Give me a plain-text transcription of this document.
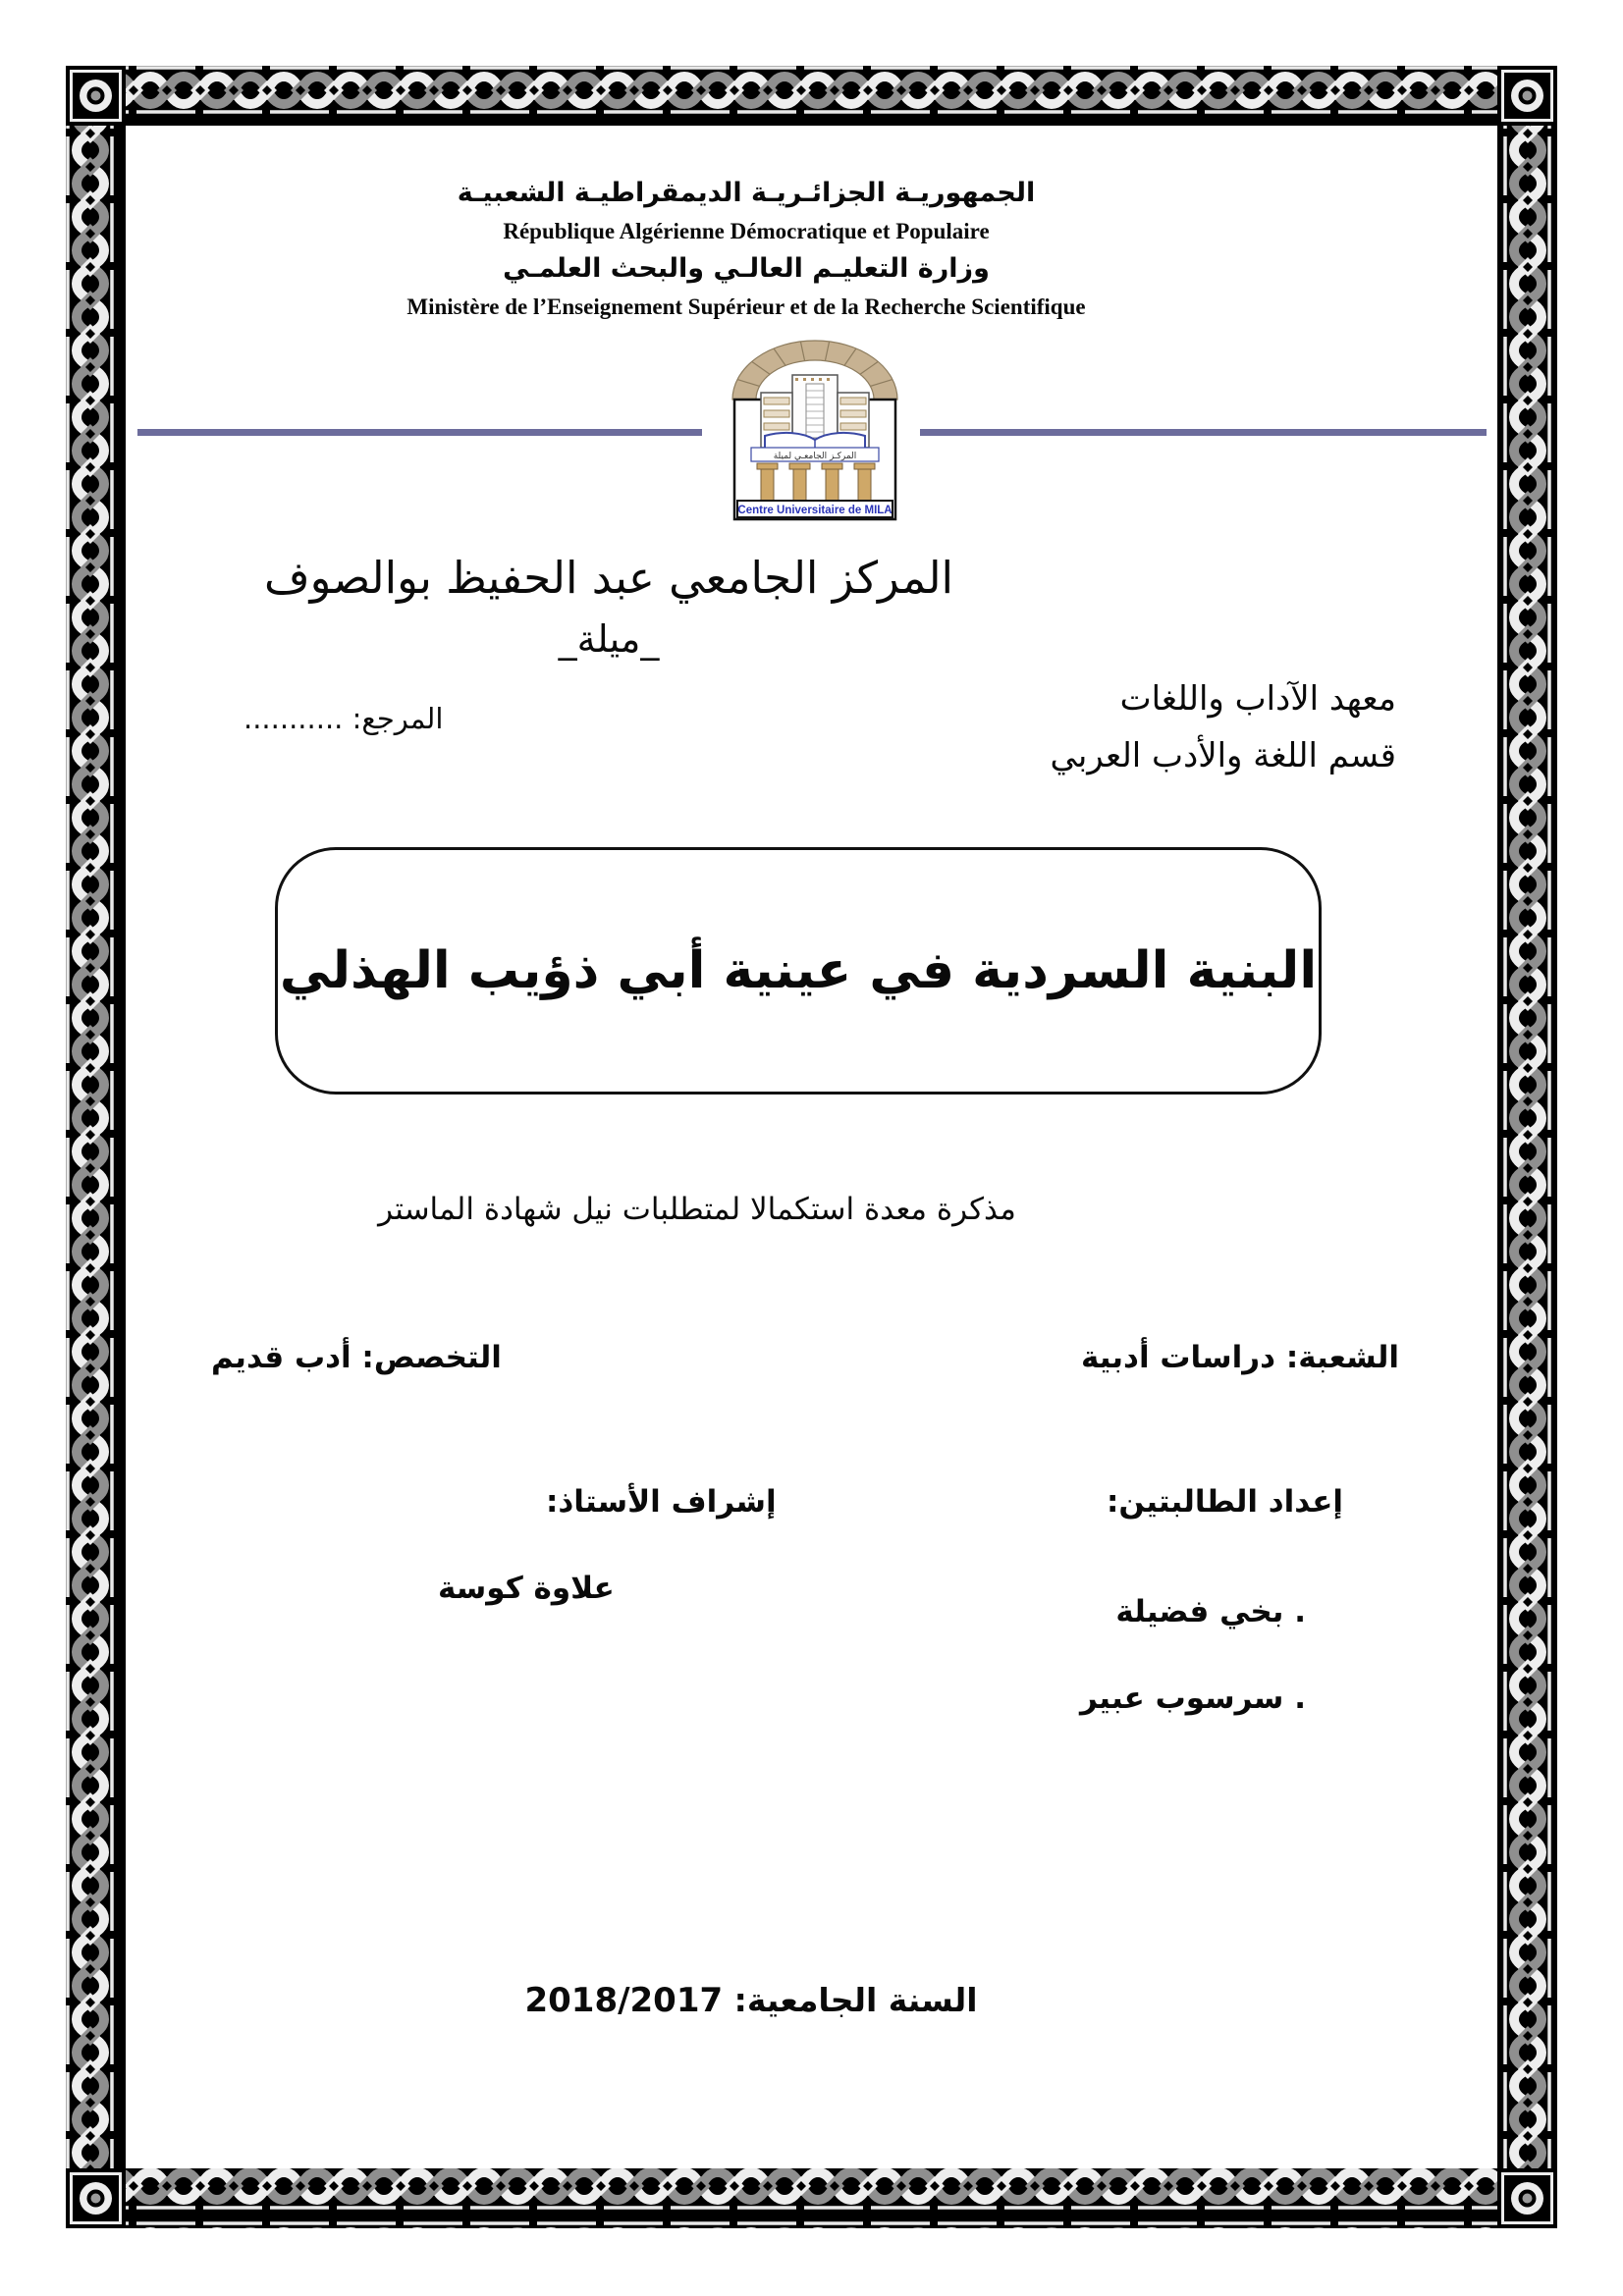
الجمهوريـة الجزائـريـة الديمقراطيـة الشعبيـة
République Algérienne Démocratique et Populaire
وزارة التعليـم العالـي والبحث العلمـي
Ministère de l’Enseignement Supérieur et de la Recherche Scientifique
المركـز الجامعـي لميلة
Centre Universitaire de MILA
المركز الجامعي عبد الحفيظ بوالصوف
_ميلة_
معهد الآداب واللغات
المرجع: ...........
قسم اللغة والأدب العربي
البنية السردية في عينية أبي ذؤيب الهذلي
مذكرة معدة استكمالا لمتطلبات نيل شهادة الماستر
الشعبة: دراسات أدبية
التخصص: أدب قديم
إعداد الطالبتين:
إشراف الأستاذ:
. بخي فضيلة
. سرسوب عبير
علاوة كوسة
السنة الجامعية: 2018/2017
